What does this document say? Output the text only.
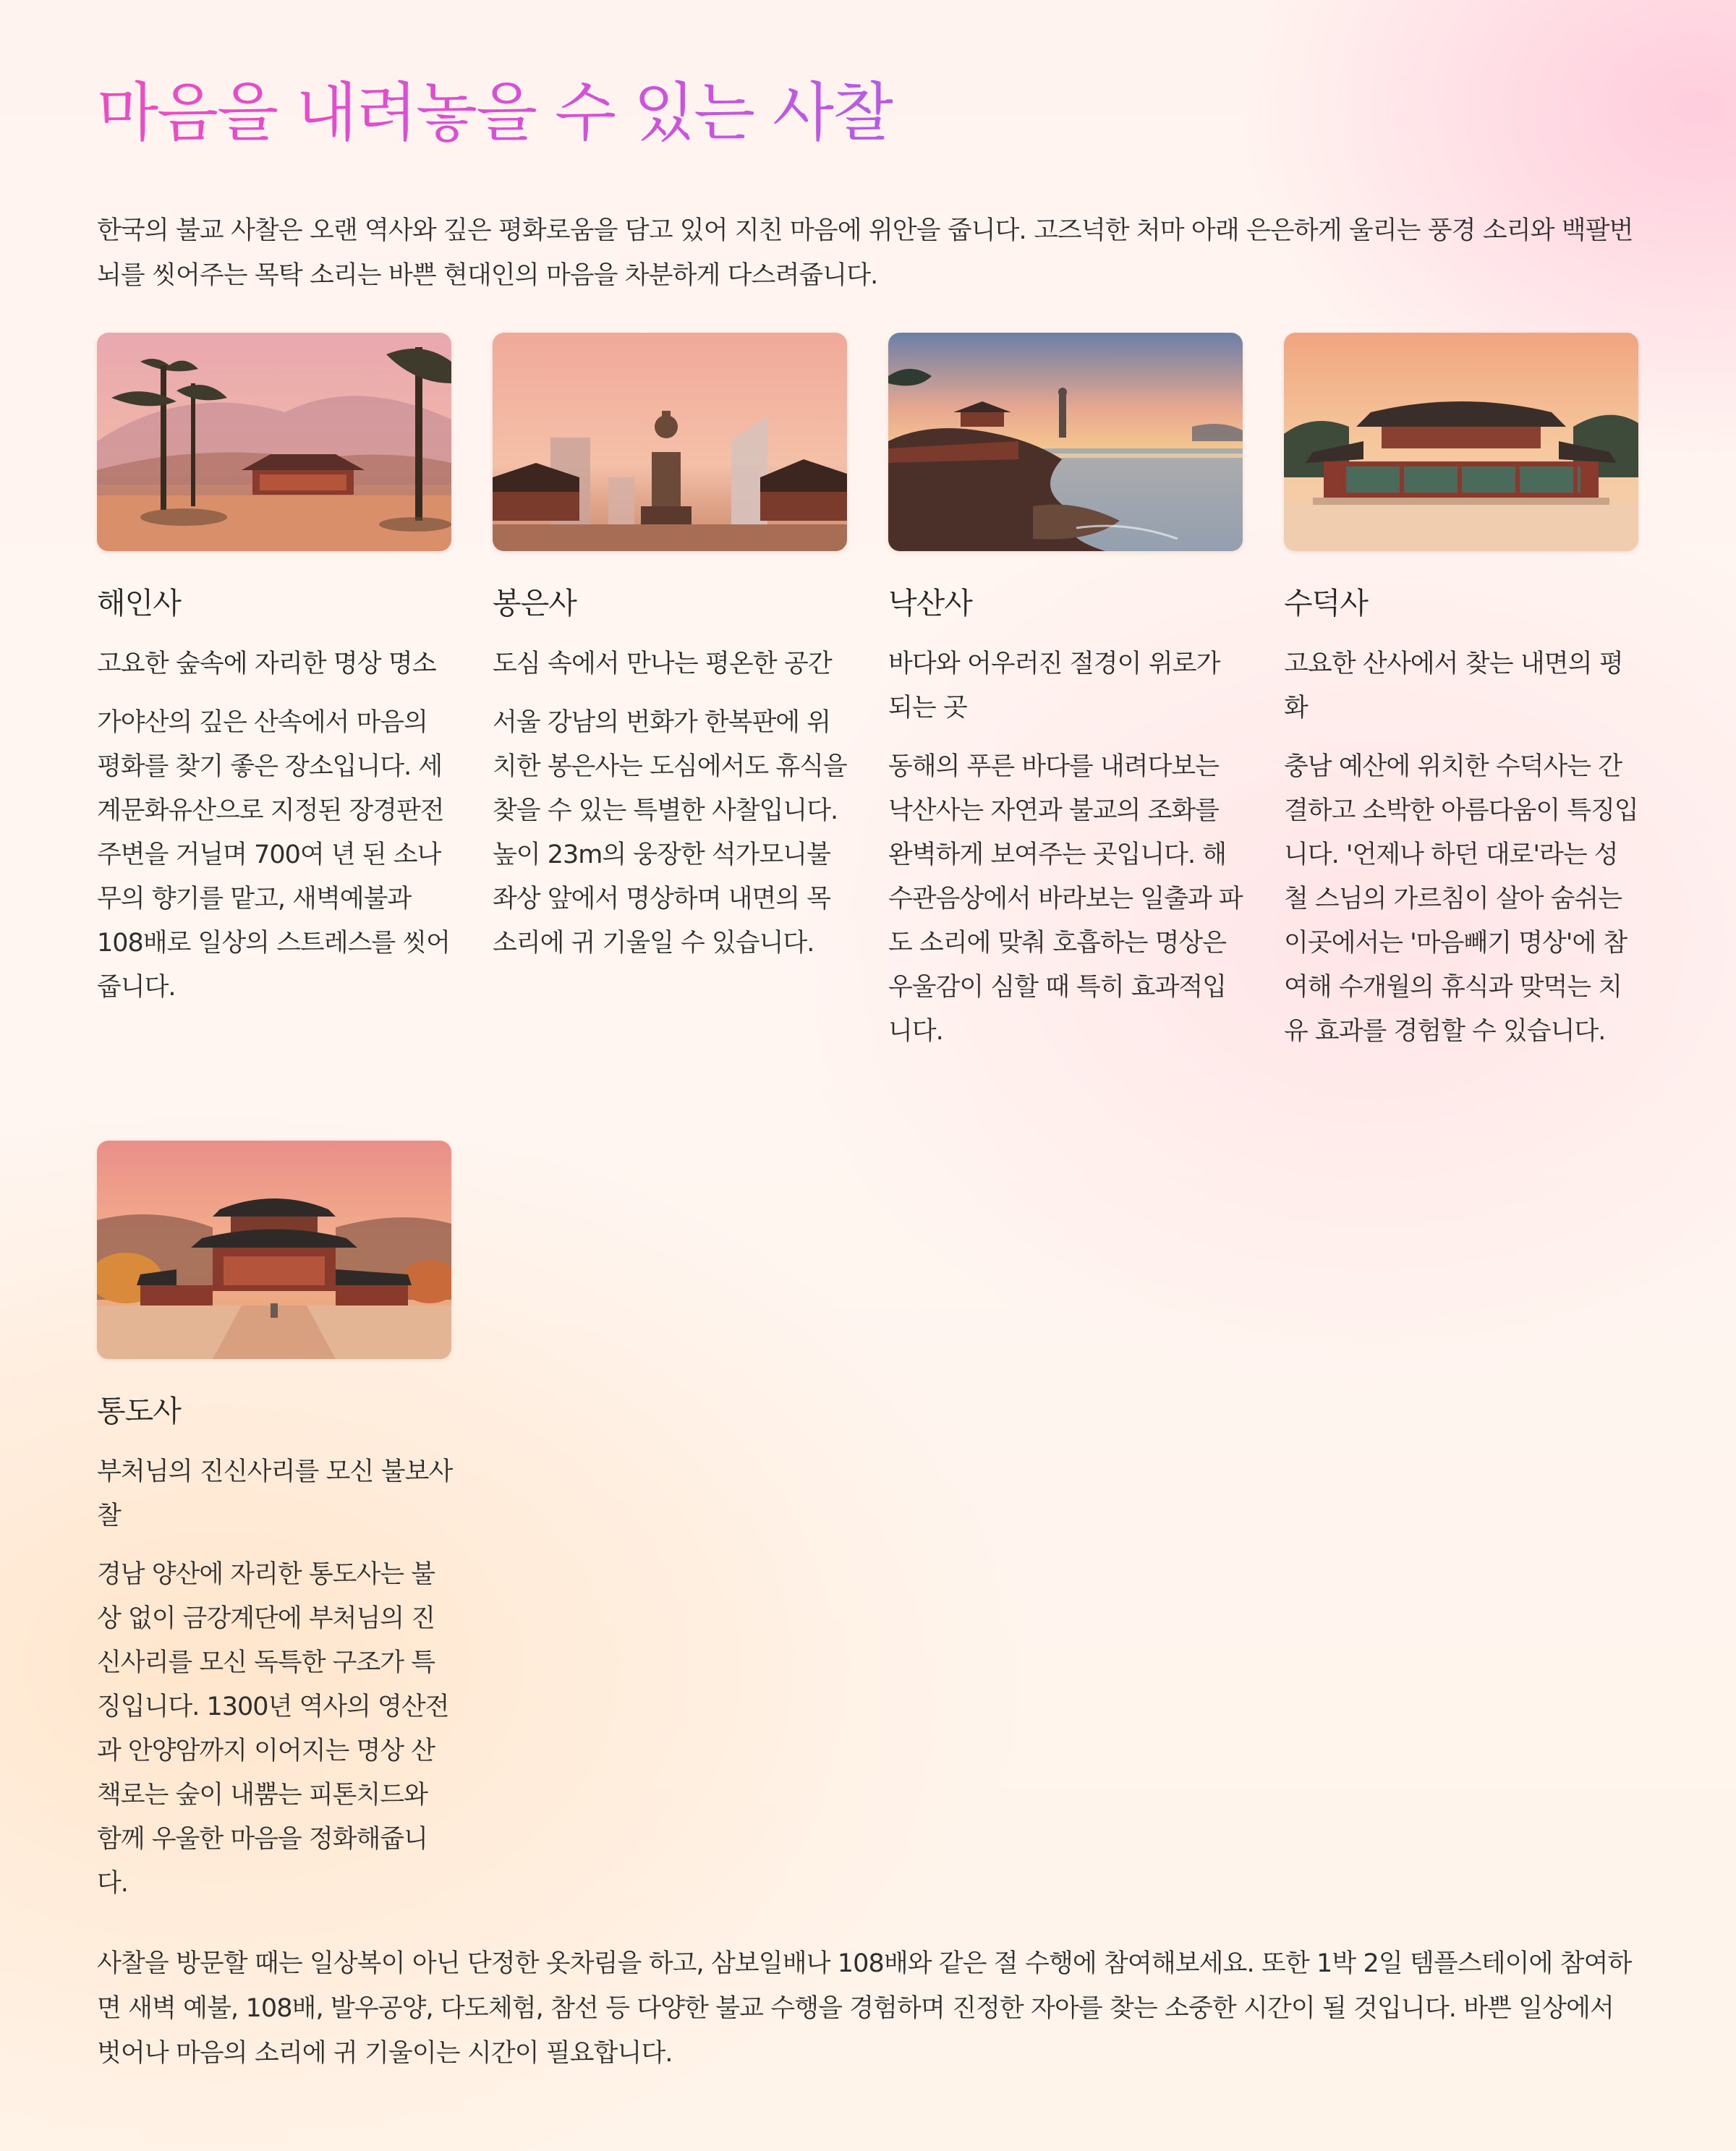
마음을 내려놓을 수 있는 사찰

한국의 불교 사찰은 오랜 역사와 깊은 평화로움을 담고 있어 지친 마음에 위안을 줍니다. 고즈넉한 처마 아래 은은하게 울리는 풍경 소리와 백팔번뇌를 씻어주는 목탁 소리는 바쁜 현대인의 마음을 차분하게 다스려줍니다.

해인사
고요한 숲속에 자리한 명상 명소
가야산의 깊은 산속에서 마음의 평화를 찾기 좋은 장소입니다. 세계문화유산으로 지정된 장경판전 주변을 거닐며 700여 년 된 소나무의 향기를 맡고, 새벽예불과 108배로 일상의 스트레스를 씻어줍니다.
봉은사
도심 속에서 만나는 평온한 공간
서울 강남의 번화가 한복판에 위치한 봉은사는 도심에서도 휴식을 찾을 수 있는 특별한 사찰입니다. 높이 23m의 웅장한 석가모니불 좌상 앞에서 명상하며 내면의 목소리에 귀 기울일 수 있습니다.
낙산사
바다와 어우러진 절경이 위로가 되는 곳
동해의 푸른 바다를 내려다보는 낙산사는 자연과 불교의 조화를 완벽하게 보여주는 곳입니다. 해수관음상에서 바라보는 일출과 파도 소리에 맞춰 호흡하는 명상은 우울감이 심할 때 특히 효과적입니다.
수덕사
고요한 산사에서 찾는 내면의 평화
충남 예산에 위치한 수덕사는 간결하고 소박한 아름다움이 특징입니다. '언제나 하던 대로'라는 성철 스님의 가르침이 살아 숨쉬는 이곳에서는 '마음빼기 명상'에 참여해 수개월의 휴식과 맞먹는 치유 효과를 경험할 수 있습니다.
통도사
부처님의 진신사리를 모신 불보사찰
경남 양산에 자리한 통도사는 불상 없이 금강계단에 부처님의 진신사리를 모신 독특한 구조가 특징입니다. 1300년 역사의 영산전과 안양암까지 이어지는 명상 산책로는 숲이 내뿜는 피톤치드와 함께 우울한 마음을 정화해줍니다.

사찰을 방문할 때는 일상복이 아닌 단정한 옷차림을 하고, 삼보일배나 108배와 같은 절 수행에 참여해보세요. 또한 1박 2일 템플스테이에 참여하면 새벽 예불, 108배, 발우공양, 다도체험, 참선 등 다양한 불교 수행을 경험하며 진정한 자아를 찾는 소중한 시간이 될 것입니다. 바쁜 일상에서 벗어나 마음의 소리에 귀 기울이는 시간이 필요합니다.
